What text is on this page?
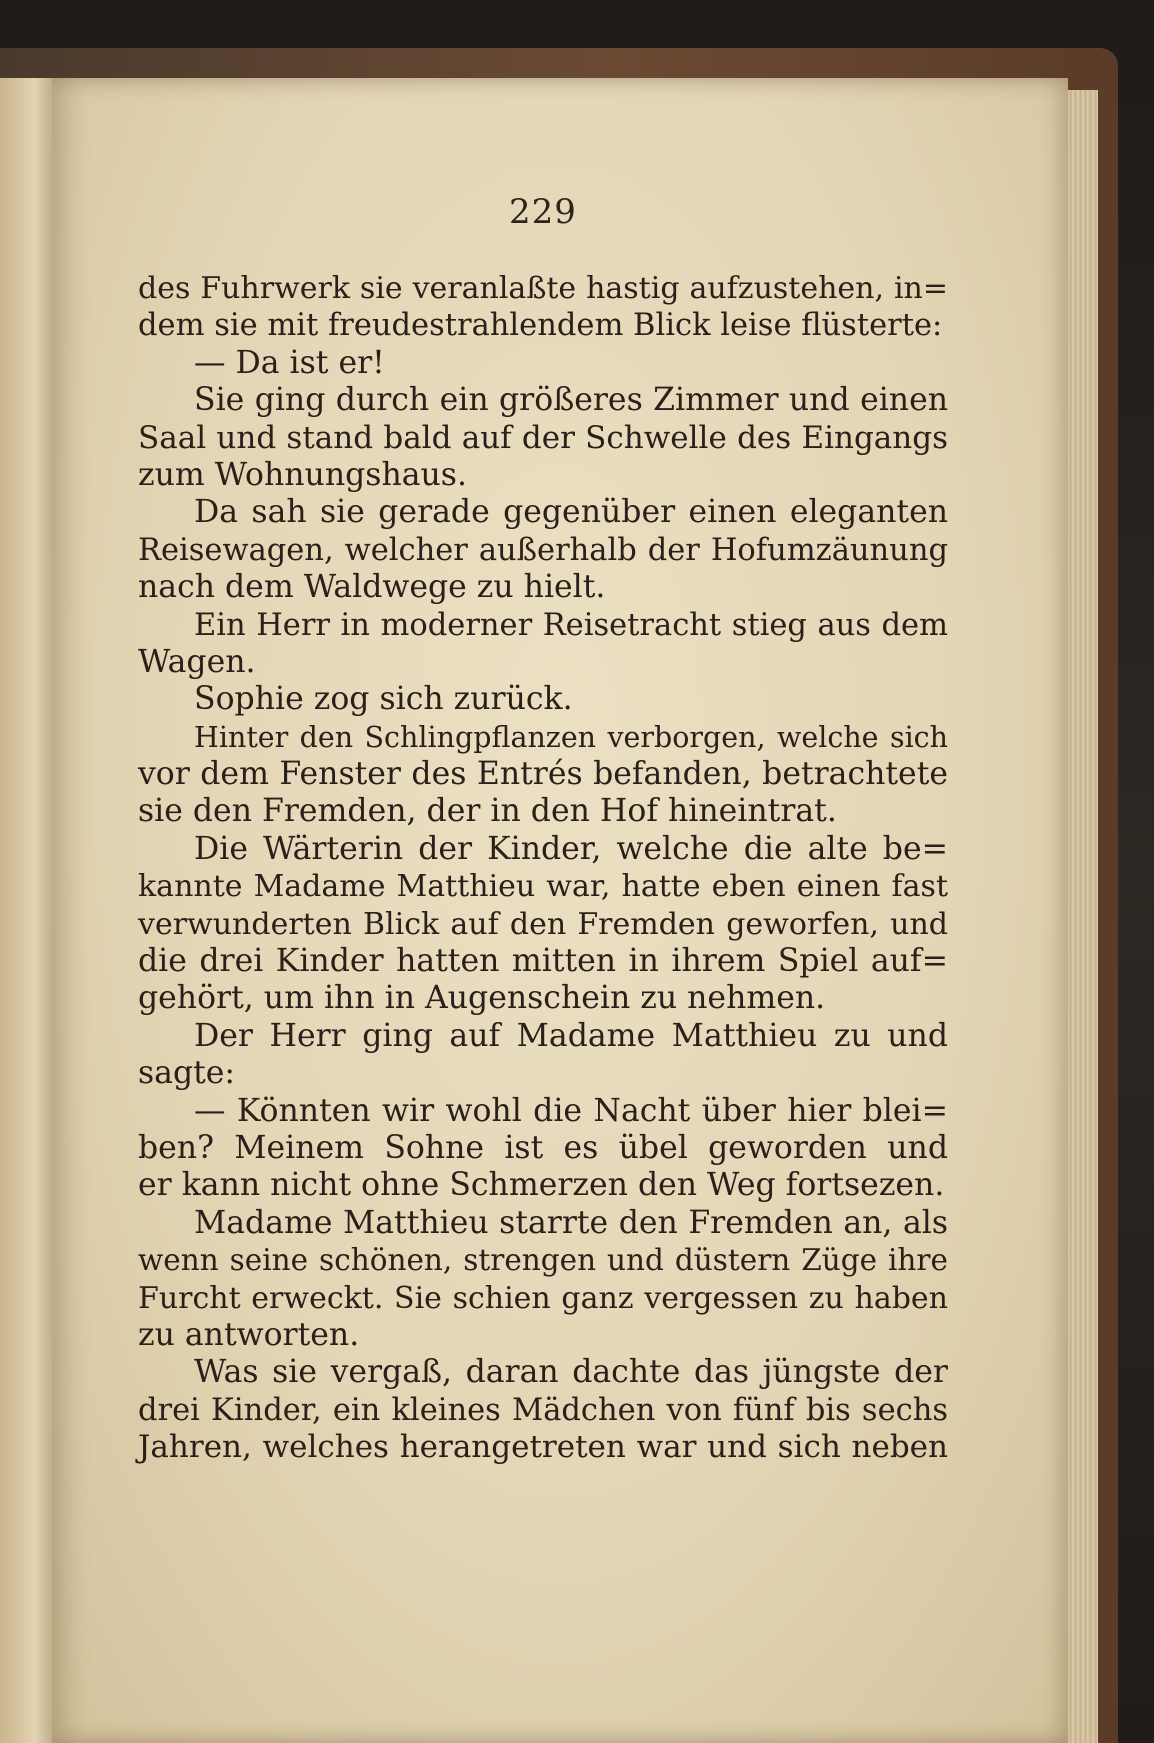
229
des Fuhrwerk sie veranlaßte hastig aufzustehen, in=
dem sie mit freudestrahlendem Blick leise flüsterte:
— Da ist er!
Sie ging durch ein größeres Zimmer und einen
Saal und stand bald auf der Schwelle des Eingangs
zum Wohnungshaus.
Da sah sie gerade gegenüber einen eleganten
Reisewagen, welcher außerhalb der Hofumzäunung
nach dem Waldwege zu hielt.
Ein Herr in moderner Reisetracht stieg aus dem
Wagen.
Sophie zog sich zurück.
Hinter den Schlingpflanzen verborgen, welche sich
vor dem Fenster des Entrés befanden, betrachtete
sie den Fremden, der in den Hof hineintrat.
Die Wärterin der Kinder, welche die alte be=
kannte Madame Matthieu war, hatte eben einen fast
verwunderten Blick auf den Fremden geworfen, und
die drei Kinder hatten mitten in ihrem Spiel auf=
gehört, um ihn in Augenschein zu nehmen.
Der Herr ging auf Madame Matthieu zu und
sagte:
— Könnten wir wohl die Nacht über hier blei=
ben? Meinem Sohne ist es übel geworden und
er kann nicht ohne Schmerzen den Weg fortsezen.
Madame Matthieu starrte den Fremden an, als
wenn seine schönen, strengen und düstern Züge ihre
Furcht erweckt. Sie schien ganz vergessen zu haben
zu antworten.
Was sie vergaß, daran dachte das jüngste der
drei Kinder, ein kleines Mädchen von fünf bis sechs
Jahren, welches herangetreten war und sich neben
